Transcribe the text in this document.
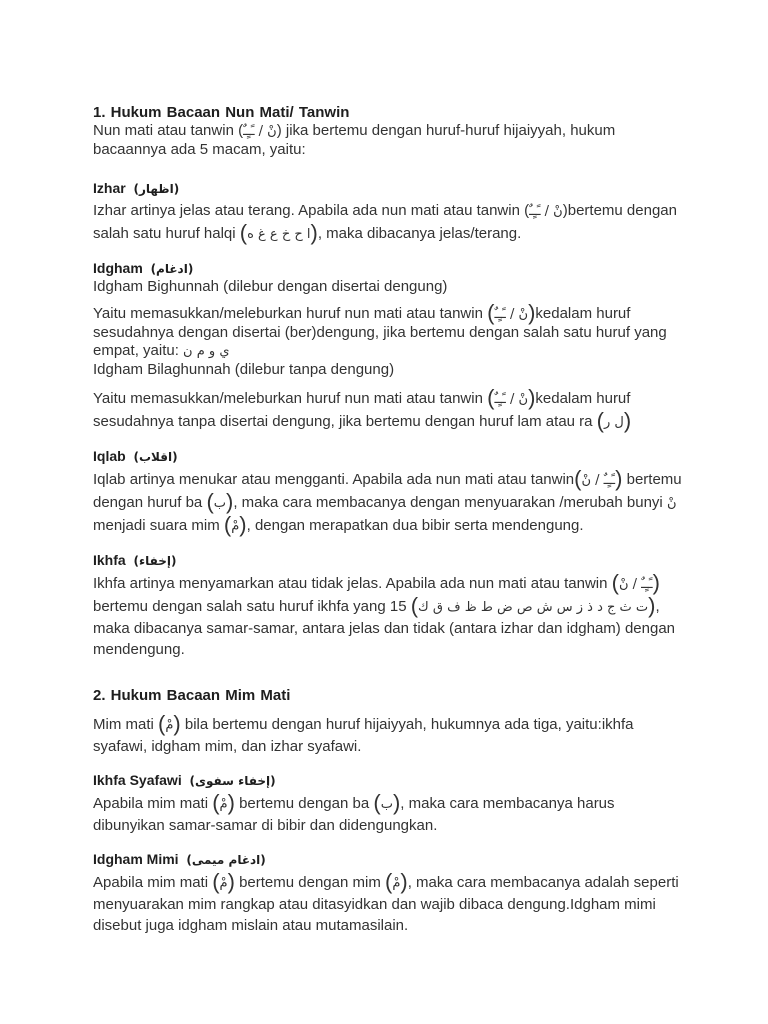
1. Hukum Bacaan Nun Mati/ Tanwin
Nun mati atau tanwin (نْ / ـًـٍـٌ) jika bertemu dengan huruf-huruf hijaiyyah, hukum bacaannya ada 5 macam, yaitu:
Izhar (اظهار)
Izhar artinya jelas atau terang. Apabila ada nun mati atau tanwin (نْ / ـًـٍـٌ)bertemu dengan salah satu huruf halqi (ا ح خ ع غ ه), maka dibacanya jelas/terang.
Idgham (ادغام)
Idgham Bighunnah (dilebur dengan disertai dengung)
Yaitu memasukkan/meleburkan huruf nun mati atau tanwin (نْ / ـًـٍـٌ)kedalam huruf sesudahnya dengan disertai (ber)dengung, jika bertemu dengan salah satu huruf yang empat, yaitu: ي و م ن
Idgham Bilaghunnah (dilebur tanpa dengung)
Yaitu memasukkan/meleburkan huruf nun mati atau tanwin (نْ / ـًـٍـٌ)kedalam huruf sesudahnya tanpa disertai dengung, jika bertemu dengan huruf lam atau ra (ل ر)
Iqlab (اقلاب)
Iqlab artinya menukar atau mengganti. Apabila ada nun mati atau tanwin(ـًـٍـٌ / نْ) bertemu dengan huruf ba (ب), maka cara membacanya dengan menyuarakan /merubah bunyi نْ menjadi suara mim (مْ), dengan merapatkan dua bibir serta mendengung.
Ikhfa (إخفاء)
Ikhfa artinya menyamarkan atau tidak jelas. Apabila ada nun mati atau tanwin (ـًـٍـٌ / نْ) bertemu dengan salah satu huruf ikhfa yang 15 (ت ث ج د ذ ز س ش ص ض ط ظ ف ق ك), maka dibacanya samar-samar, antara jelas dan tidak (antara izhar dan idgham) dengan mendengung.
2. Hukum Bacaan Mim Mati
Mim mati (مْ) bila bertemu dengan huruf hijaiyyah, hukumnya ada tiga, yaitu:ikhfa syafawi, idgham mim, dan izhar syafawi.
Ikhfa Syafawi (إخفاء سفوى)
Apabila mim mati (مْ) bertemu dengan ba (ب), maka cara membacanya harus dibunyikan samar-samar di bibir dan didengungkan.
Idgham Mimi (ادغام ميمى)
Apabila mim mati (مْ) bertemu dengan mim (مْ), maka cara membacanya adalah seperti menyuarakan mim rangkap atau ditasyidkan dan wajib dibaca dengung.Idgham mimi disebut juga idgham mislain atau mutamasilain.
